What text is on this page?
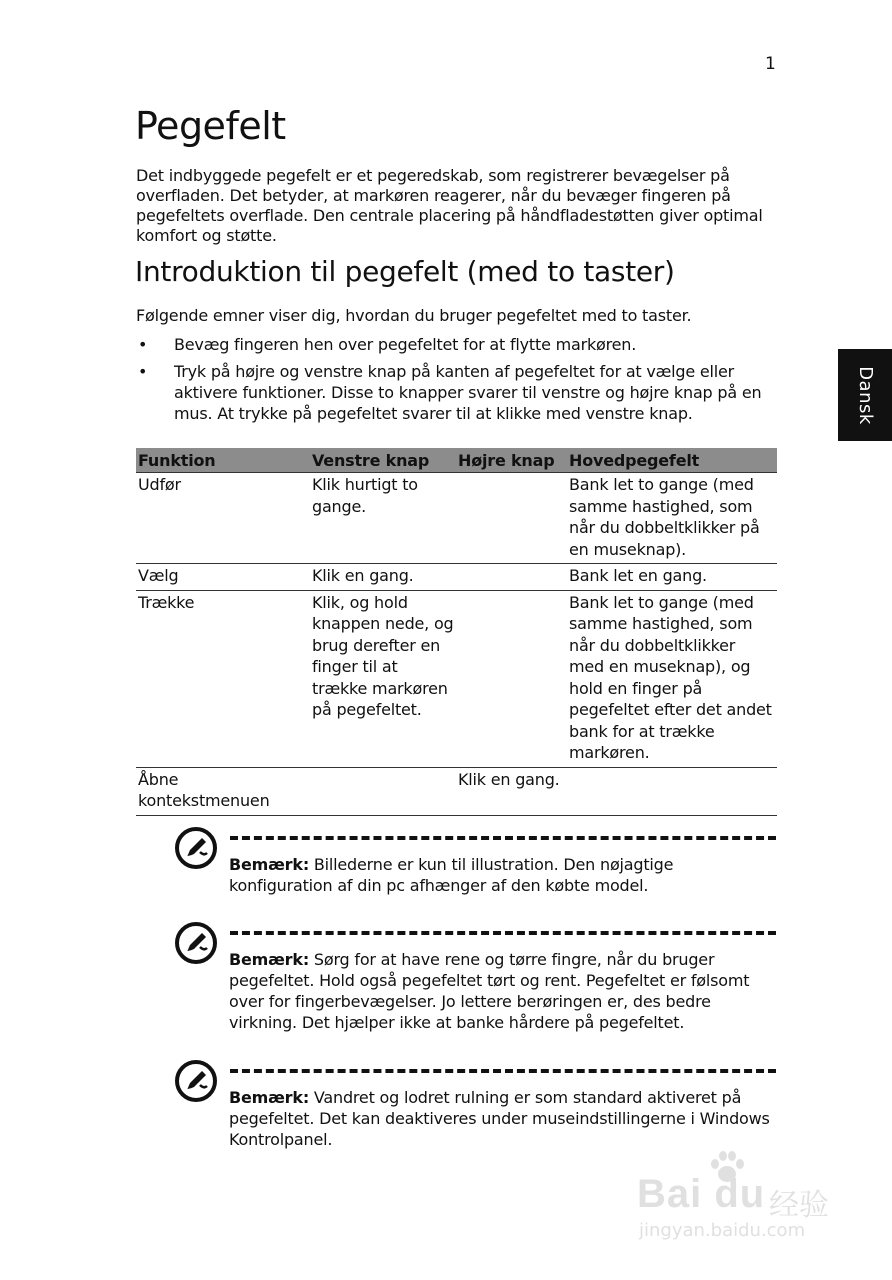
1
Dansk
Pegefelt

Det indbyggede pegefelt er et pegeredskab, som registrerer bevægelser på overfladen. Det betyder, at markøren reagerer, når du bevæger fingeren på pegefeltets overflade. Den centrale placering på håndfladestøtten giver optimal komfort og støtte.

Introduktion til pegefelt (med to taster)

Følgende emner viser dig, hvordan du bruger pegefeltet med to taster.

• Bevæg fingeren hen over pegefeltet for at flytte markøren.
• Tryk på højre og venstre knap på kanten af pegefeltet for at vælge eller aktivere funktioner. Disse to knapper svarer til venstre og højre knap på en mus. At trykke på pegefeltet svarer til at klikke med venstre knap.
Funktion	Venstre knap	Højre knap	Hovedpegefelt
Udfør	Klik hurtigt to gange.		Bank let to gange (med samme hastighed, som når du dobbeltklikker på en museknap).
Vælg	Klik en gang.		Bank let en gang.
Trække	Klik, og hold knappen nede, og brug derefter en finger til at trække markøren på pegefeltet.		Bank let to gange (med samme hastighed, som når du dobbeltklikker med en museknap), og hold en finger på pegefeltet efter det andet bank for at trække markøren.
Åbne kontekstmenuen		Klik en gang.	

Bemærk: Billederne er kun til illustration. Den nøjagtige konfiguration af din pc afhænger af den købte model.

Bemærk: Sørg for at have rene og tørre fingre, når du bruger pegefeltet. Hold også pegefeltet tørt og rent. Pegefeltet er følsomt over for fingerbevægelser. Jo lettere berøringen er, des bedre virkning. Det hjælper ikke at banke hårdere på pegefeltet.

Bemærk: Vandret og lodret rulning er som standard aktiveret på pegefeltet. Det kan deaktiveres under museindstillingerne i Windows Kontrolpanel.

Bai du 经验
jingyan.baidu.com
